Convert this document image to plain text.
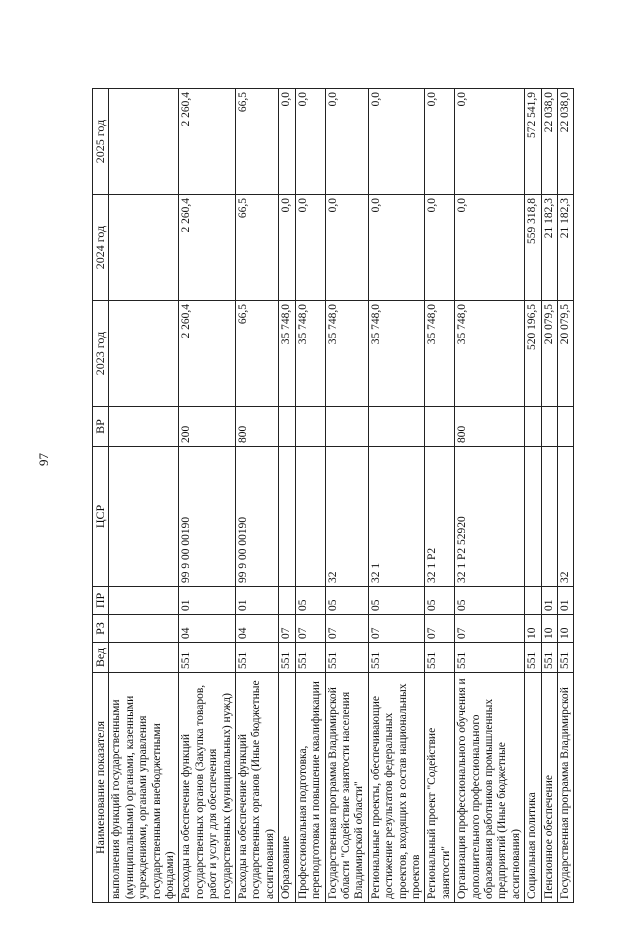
97
Наименование показателя	Вед	РЗ	ПР	ЦСР	ВР	2023 год	2024 год	2025 год
выполнения функций государственными (муниципальными) органами, казенными учреждениями, органами управления государственными внебюджетными фондами)								
Расходы на обеспечение функций государственных органов (Закупка товаров, работ и услуг для обеспечения государственных (муниципальных) нужд)	551	04	01	99 9 00 00190	200	2 260,4	2 260,4	2 260,4
Расходы на обеспечение функций государственных органов (Иные бюджетные ассигнования)	551	04	01	99 9 00 00190	800	66,5	66,5	66,5
Образование	551	07				35 748,0	0,0	0,0
Профессиональная подготовка, переподготовка и повышение квалификации	551	07	05			35 748,0	0,0	0,0
Государственная программа Владимирской области "Содействие занятости населения Владимирской области"	551	07	05	32		35 748,0	0,0	0,0
Региональные проекты, обеспечивающие достижение результатов федеральных проектов, входящих в состав национальных проектов	551	07	05	32 1		35 748,0	0,0	0,0
Региональный проект "Содействие занятости"	551	07	05	32 1 P2		35 748,0	0,0	0,0
Организация профессионального обучения и дополнительного профессионального образования работников промышленных предприятий (Иные бюджетные ассигнования)	551	07	05	32 1 P2 52920	800	35 748,0	0,0	0,0
Социальная политика	551	10				520 196,5	559 318,8	572 541,9
Пенсионное обеспечение	551	10	01			20 079,5	21 182,3	22 038,0
Государственная программа Владимирской	551	10	01	32		20 079,5	21 182,3	22 038,0
